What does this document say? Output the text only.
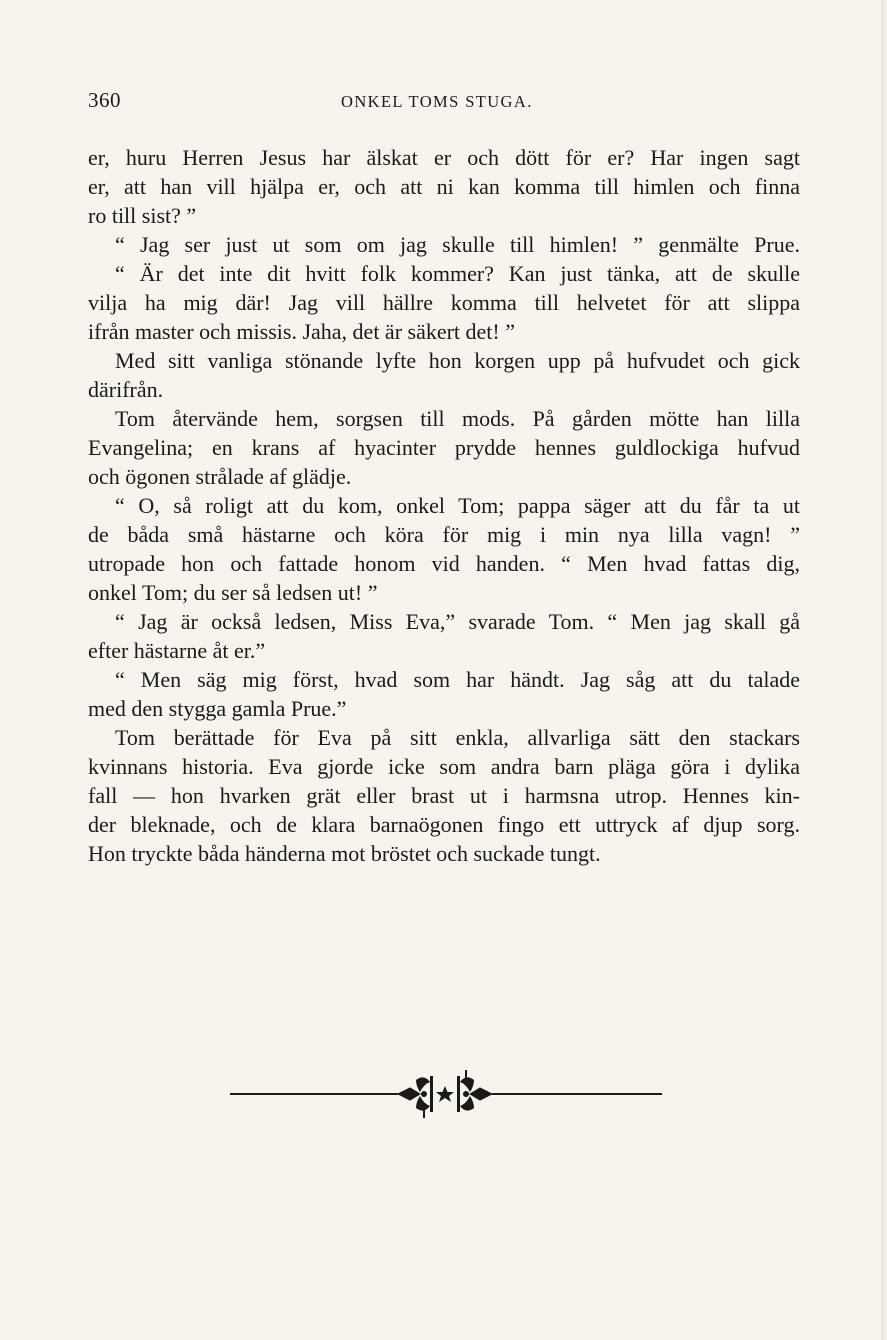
360	ONKEL TOMS STUGA.
er, huru Herren Jesus har älskat er och dött för er? Har ingen sagt
er, att han vill hjälpa er, och att ni kan komma till himlen och finna
ro till sist? ”
“ Jag ser just ut som om jag skulle till himlen! ” genmälte Prue.
“ Är det inte dit hvitt folk kommer? Kan just tänka, att de skulle
vilja ha mig där! Jag vill hällre komma till helvetet för att slippa
ifrån master och missis. Jaha, det är säkert det! ”
Med sitt vanliga stönande lyfte hon korgen upp på hufvudet och gick
därifrån.
Tom återvände hem, sorgsen till mods. På gården mötte han lilla
Evangelina; en krans af hyacinter prydde hennes guldlockiga hufvud
och ögonen strålade af glädje.
“ O, så roligt att du kom, onkel Tom; pappa säger att du får ta ut
de båda små hästarne och köra för mig i min nya lilla vagn! ”
utropade hon och fattade honom vid handen. “ Men hvad fattas dig,
onkel Tom; du ser så ledsen ut! ”
“ Jag är också ledsen, Miss Eva,” svarade Tom. “ Men jag skall gå
efter hästarne åt er.”
“ Men säg mig först, hvad som har händt. Jag såg att du talade
med den stygga gamla Prue.”
Tom berättade för Eva på sitt enkla, allvarliga sätt den stackars
kvinnans historia. Eva gjorde icke som andra barn pläga göra i dylika
fall — hon hvarken grät eller brast ut i harmsna utrop. Hennes kin-
der bleknade, och de klara barnaögonen fingo ett uttryck af djup sorg.
Hon tryckte båda händerna mot bröstet och suckade tungt.
